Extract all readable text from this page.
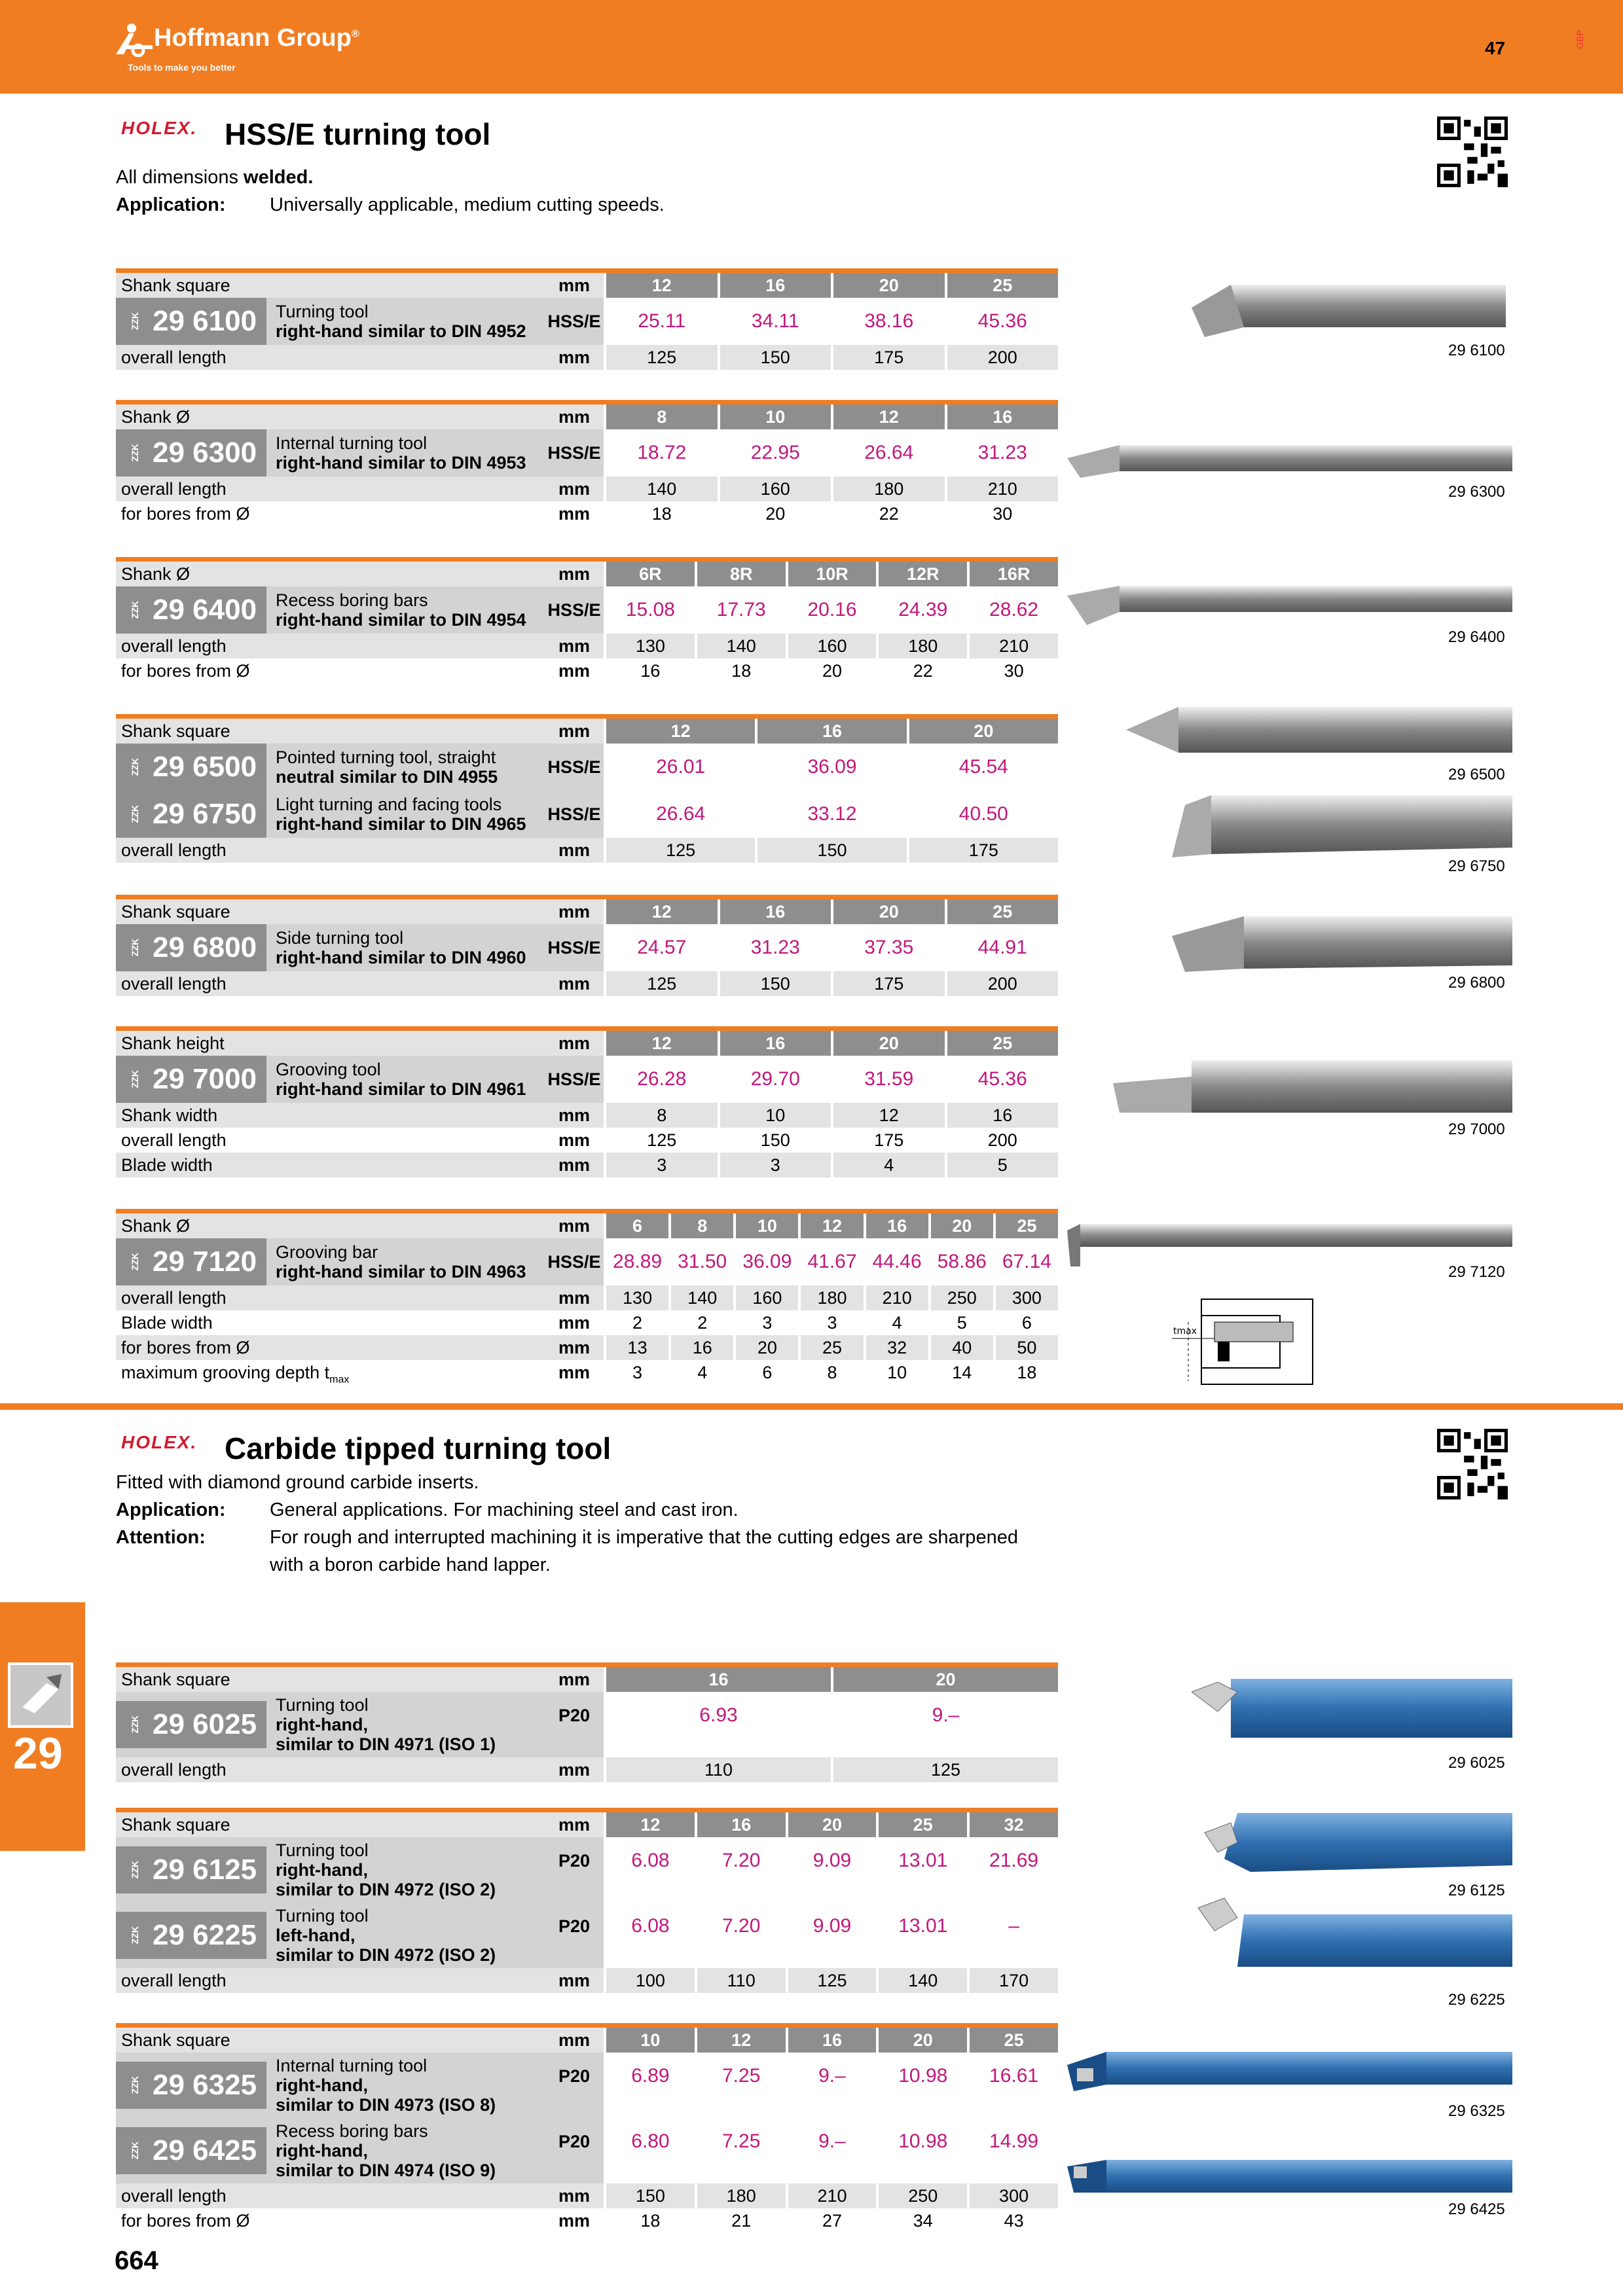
Hoffmann Group®
Tools to make you better
47	GBP
HOLEX. HSS/E turning tool
All dimensions welded.
Application: Universally applicable, medium cutting speeds.
HOLEX. Carbide tipped turning tool
Fitted with diamond ground carbide inserts.
Application: General applications. For machining steel and cast iron.
Attention:	For rough and interrupted machining it is imperative that the cutting edges are sharpened
with a boron carbide hand lapper.
Shank square	mm	12	16	20	25
ZZK 29 6100 Turning tool
right-hand similar to DIN 4952 HSS/E	25.11	34.11	38.16	45.36
overall length	mm	125	150	175	200
Shank Ø	mm	8	10	12	16
ZZK 29 6300 Internal turning tool
right-hand similar to DIN 4953 HSS/E	18.72	22.95	26.64	31.23
overall length	mm	140	160	180	210
for bores from Ø	mm	18	20	22	30
Shank Ø	mm	6R	8R	10R	12R	16R
ZZK 29 6400 Recess boring bars
right-hand similar to DIN 4954 HSS/E	15.08	17.73	20.16	24.39	28.62
overall length	mm	130	140	160	180	210
for bores from Ø	mm	16	18	20	22	30
Shank square	mm	12	16	20
ZZK 29 6500 Pointed turning tool, straight
neutral similar to DIN 4955	HSS/E	26.01	36.09	45.54
ZZK 29 6750 Light turning and facing tools
right-hand similar to DIN 4965 HSS/E	26.64	33.12	40.50
overall length	mm	125	150	175
Shank square	mm	12	16	20	25
ZZK 29 6800 Side turning tool
right-hand similar to DIN 4960 HSS/E	24.57	31.23	37.35	44.91
overall length	mm	125	150	175	200
Shank height	mm	12	16	20	25
ZZK 29 7000 Grooving tool
right-hand similar to DIN 4961 HSS/E	26.28	29.70	31.59	45.36
Shank width	mm	8	10	12	16
overall length	mm	125	150	175	200
Blade width	mm	3	3	4	5
Shank Ø	mm	6	8	10	12	16	20	25
ZZK 29 7120 Grooving bar
right-hand similar to DIN 4963 HSS/E 28.89 31.50 36.09 41.67 44.46 58.86 67.14
overall length	mm	130	140	160	180	210	250	300
Blade width	mm	2	2	3	3	4	5	6
for bores from Ø	mm	13	16	20	25	32	40	50
maximum grooving depth $t_{max}$	mm	3	4	6	8	10	14	18
Shank square	mm	16	20
ZZK 29 6025
Turning tool
right-hand,
similar to DIN 4971 (ISO 1)
P20	6.93	9.–
overall length	mm	110	125
Shank square	mm	12	16	20	25	32
ZZK 29 6125
Turning tool
right-hand,
similar to DIN 4972 (ISO 2)
P20	6.08	7.20	9.09	13.01	21.69
ZZK 29 6225
Turning tool
left-hand,
similar to DIN 4972 (ISO 2)
P20	6.08	7.20	9.09	13.01	–
overall length	mm	100	110	125	140	170
Shank square	mm	10	12	16	20	25
ZZK 29 6325
Internal turning tool
right-hand,
similar to DIN 4973 (ISO 8)
P20	6.89	7.25	9.–	10.98	16.61
ZZK 29 6425
Recess boring bars
right-hand,
similar to DIN 4974 (ISO 9)
P20	6.80	7.25	9.–	10.98	14.99
overall length	mm	150	180	210	250	300
for bores from Ø	mm	18	21	27	34	43
29 6100
29 6300
29 6400
29 6500
29 6750
29 6800
29 7000
29 7120
tmax
29 6025
29 6125
29 6225
29 6325
29 6425
29
664
